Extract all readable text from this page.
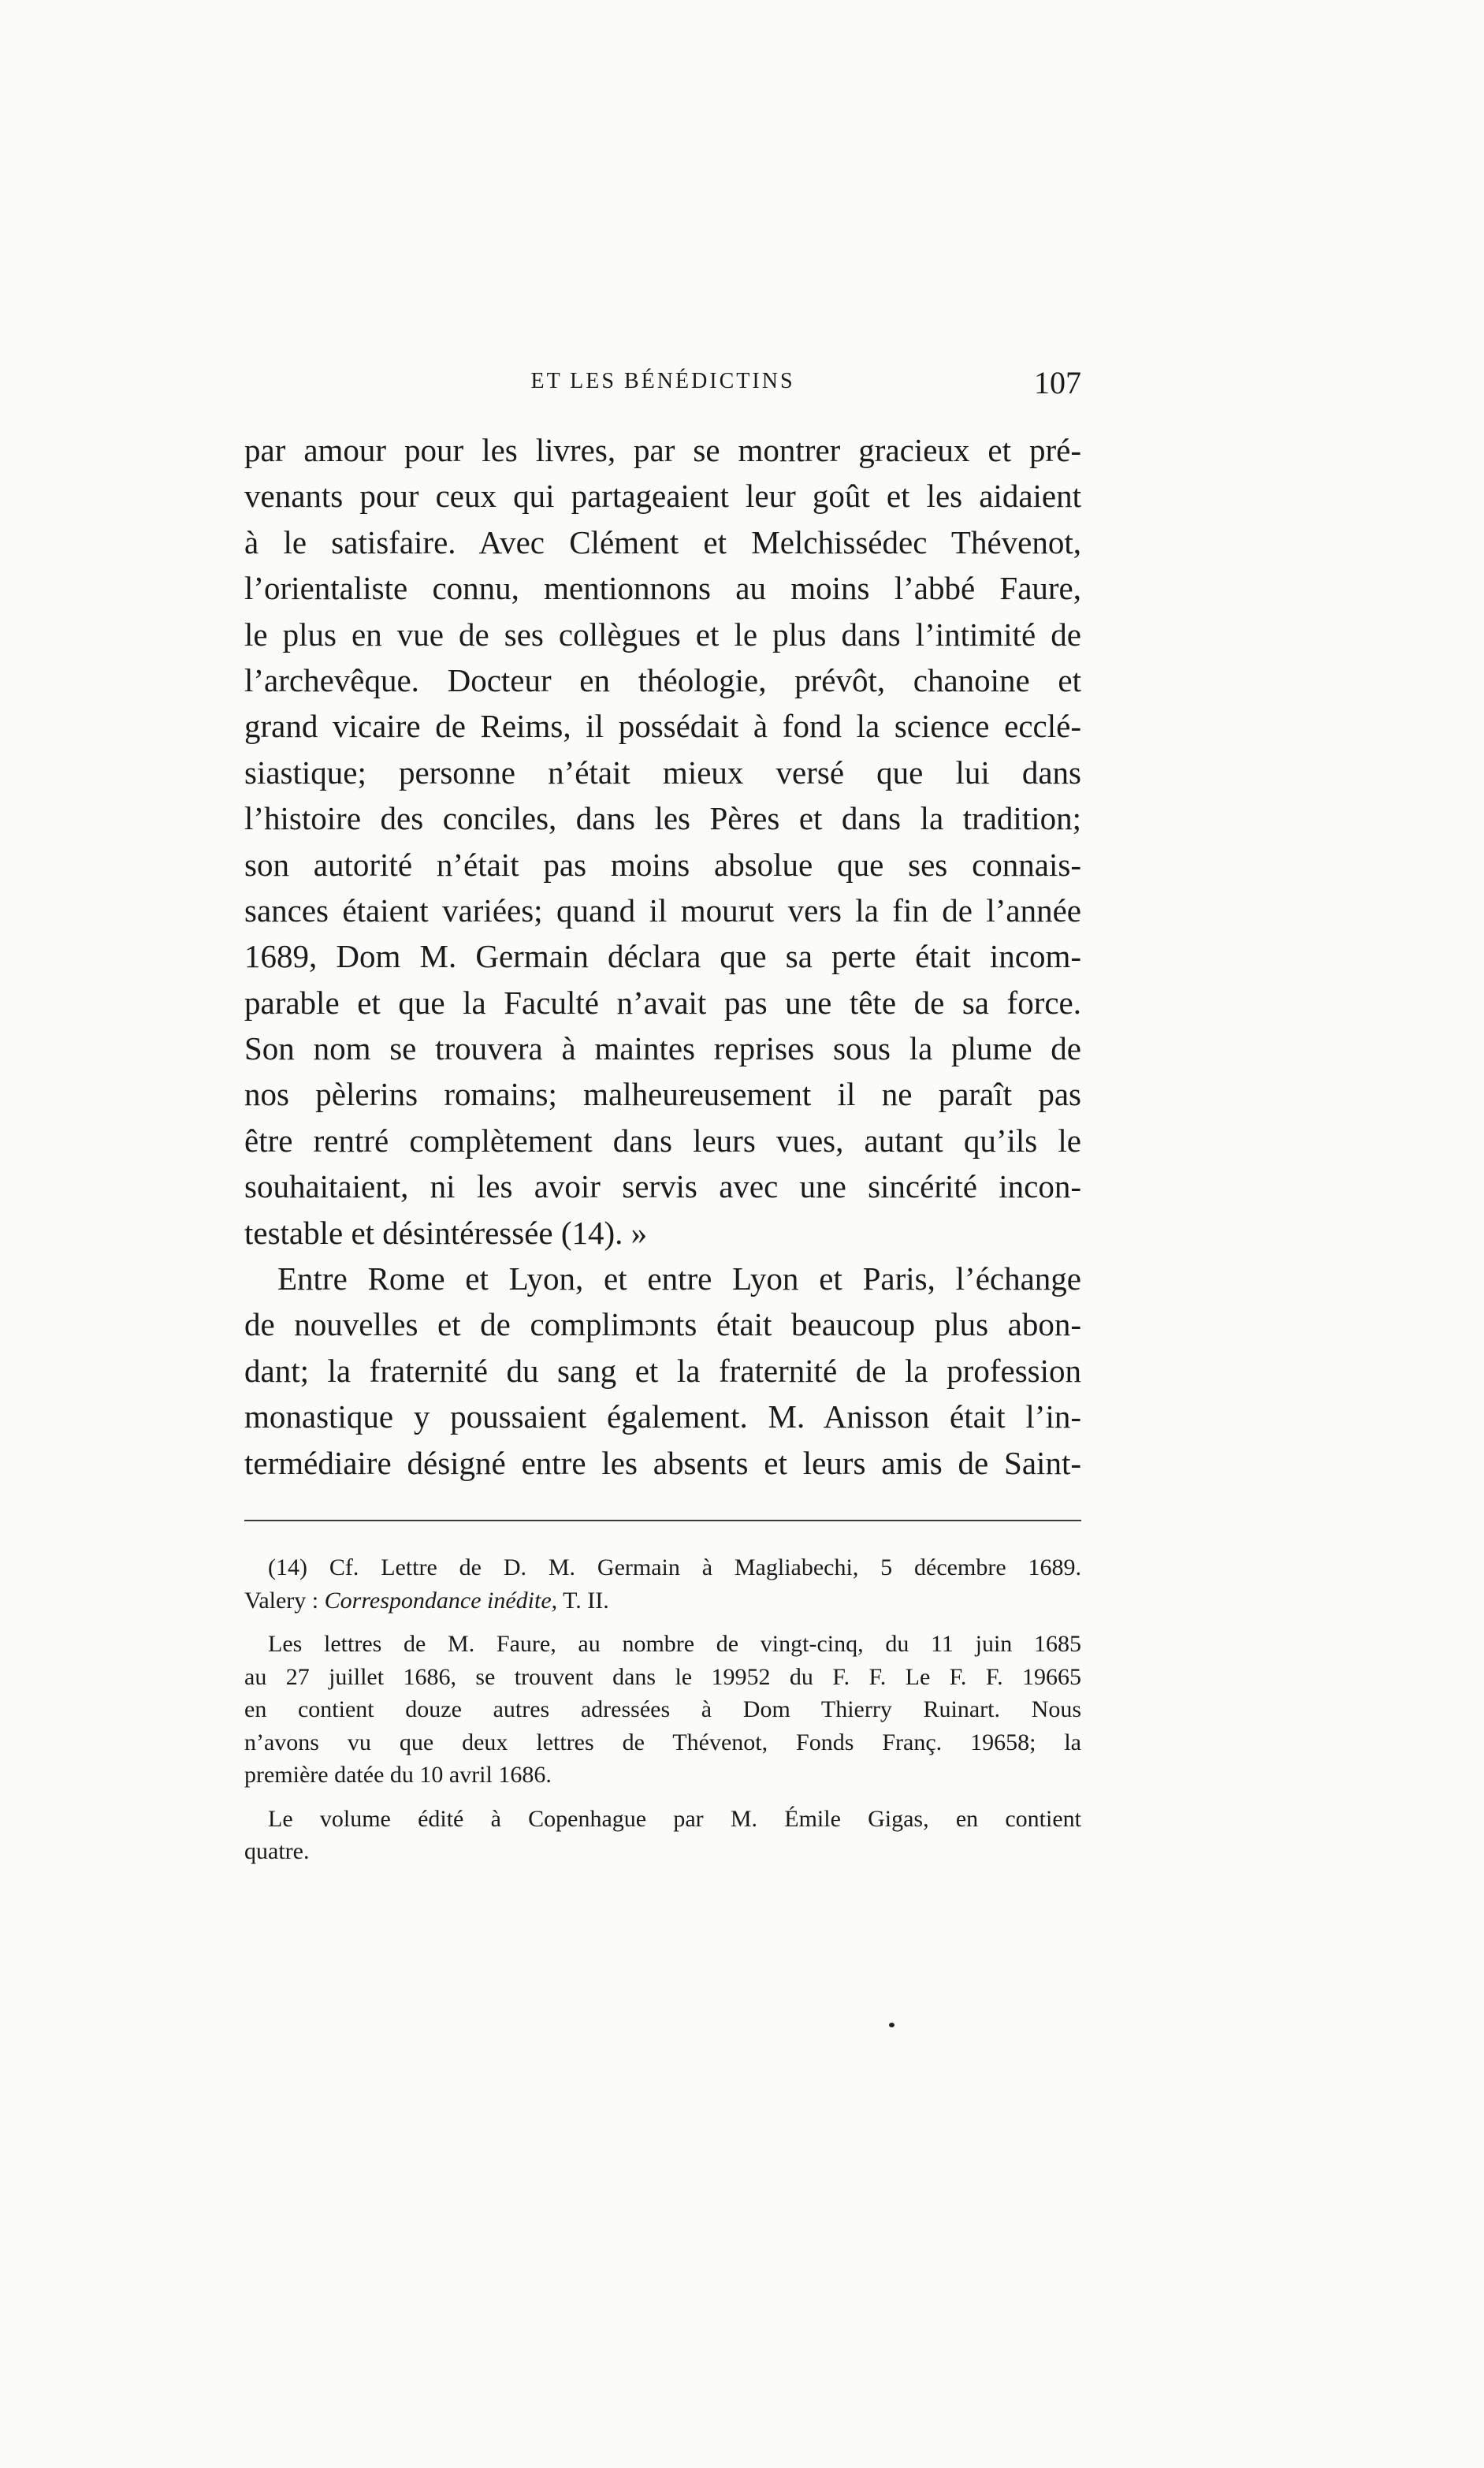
ET LES BÉNÉDICTINS	107
par amour pour les livres, par se montrer gracieux et pré-
venants pour ceux qui partageaient leur goût et les aidaient
à le satisfaire. Avec Clément et Melchissédec Thévenot,
l’orientaliste connu, mentionnons au moins l’abbé Faure,
le plus en vue de ses collègues et le plus dans l’intimité de
l’archevêque. Docteur en théologie, prévôt, chanoine et
grand vicaire de Reims, il possédait à fond la science ecclé-
siastique; personne n’était mieux versé que lui dans
l’histoire des conciles, dans les Pères et dans la tradition;
son autorité n’était pas moins absolue que ses connais-
sances étaient variées; quand il mourut vers la fin de l’année
1689, Dom M. Germain déclara que sa perte était incom-
parable et que la Faculté n’avait pas une tête de sa force.
Son nom se trouvera à maintes reprises sous la plume de
nos pèlerins romains; malheureusement il ne paraît pas
être rentré complètement dans leurs vues, autant qu’ils le
souhaitaient, ni les avoir servis avec une sincérité incon-
testable et désintéressée (14). »
Entre Rome et Lyon, et entre Lyon et Paris, l’échange
de nouvelles et de complimɔnts était beaucoup plus abon-
dant; la fraternité du sang et la fraternité de la profession
monastique y poussaient également. M. Anisson était l’in-
termédiaire désigné entre les absents et leurs amis de Saint-
(14) Cf. Lettre de D. M. Germain à Magliabechi, 5 décembre 1689.
Valery : Correspondance inédite, T. II.
Les lettres de M. Faure, au nombre de vingt-cinq, du 11 juin 1685
au 27 juillet 1686, se trouvent dans le 19952 du F. F. Le F. F. 19665
en contient douze autres adressées à Dom Thierry Ruinart. Nous
n’avons vu que deux lettres de Thévenot, Fonds Franç. 19658; la
première datée du 10 avril 1686.
Le volume édité à Copenhague par M. Émile Gigas, en contient
quatre.
